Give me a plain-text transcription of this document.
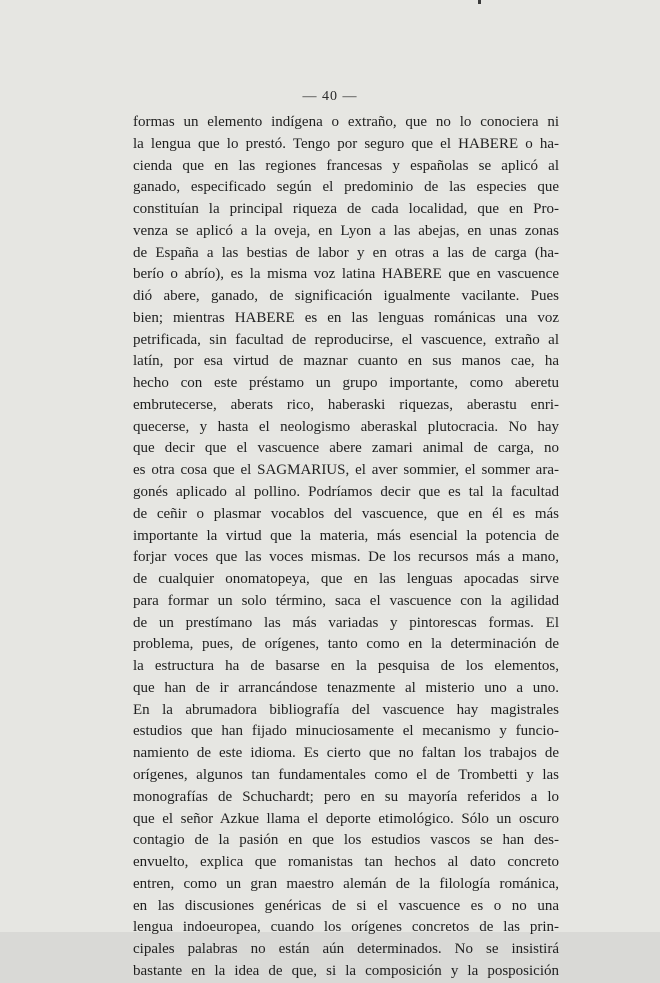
— 40 —
formas un elemento indígena o extraño, que no lo conociera ni
la lengua que lo prestó. Tengo por seguro que el HABERE o ha-
cienda que en las regiones francesas y españolas se aplicó al
ganado, especificado según el predominio de las especies que
constituían la principal riqueza de cada localidad, que en Pro-
venza se aplicó a la oveja, en Lyon a las abejas, en unas zonas
de España a las bestias de labor y en otras a las de carga (ha-
berío o abrío), es la misma voz latina HABERE que en vascuence
dió abere, ganado, de significación igualmente vacilante. Pues
bien; mientras HABERE es en las lenguas románicas una voz
petrificada, sin facultad de reproducirse, el vascuence, extraño al
latín, por esa virtud de maznar cuanto en sus manos cae, ha
hecho con este préstamo un grupo importante, como aberetu
embrutecerse, aberats rico, haberaski riquezas, aberastu enri-
quecerse, y hasta el neologismo aberaskal plutocracia. No hay
que decir que el vascuence abere zamari animal de carga, no
es otra cosa que el SAGMARIUS, el aver sommier, el sommer ara-
gonés aplicado al pollino. Podríamos decir que es tal la facultad
de ceñir o plasmar vocablos del vascuence, que en él es más
importante la virtud que la materia, más esencial la potencia de
forjar voces que las voces mismas. De los recursos más a mano,
de cualquier onomatopeya, que en las lenguas apocadas sirve
para formar un solo término, saca el vascuence con la agilidad
de un prestímano las más variadas y pintorescas formas. El
problema, pues, de orígenes, tanto como en la determinación de
la estructura ha de basarse en la pesquisa de los elementos,
que han de ir arrancándose tenazmente al misterio uno a uno.
En la abrumadora bibliografía del vascuence hay magistrales
estudios que han fijado minuciosamente el mecanismo y funcio-
namiento de este idioma. Es cierto que no faltan los trabajos de
orígenes, algunos tan fundamentales como el de Trombetti y las
monografías de Schuchardt; pero en su mayoría referidos a lo
que el señor Azkue llama el deporte etimológico. Sólo un oscuro
contagio de la pasión en que los estudios vascos se han des-
envuelto, explica que romanistas tan hechos al dato concreto
entren, como un gran maestro alemán de la filología románica,
en las discusiones genéricas de si el vascuence es o no una
lengua indoeuropea, cuando los orígenes concretos de las prin-
cipales palabras no están aún determinados. No se insistirá
bastante en la idea de que, si la composición y la posposición
